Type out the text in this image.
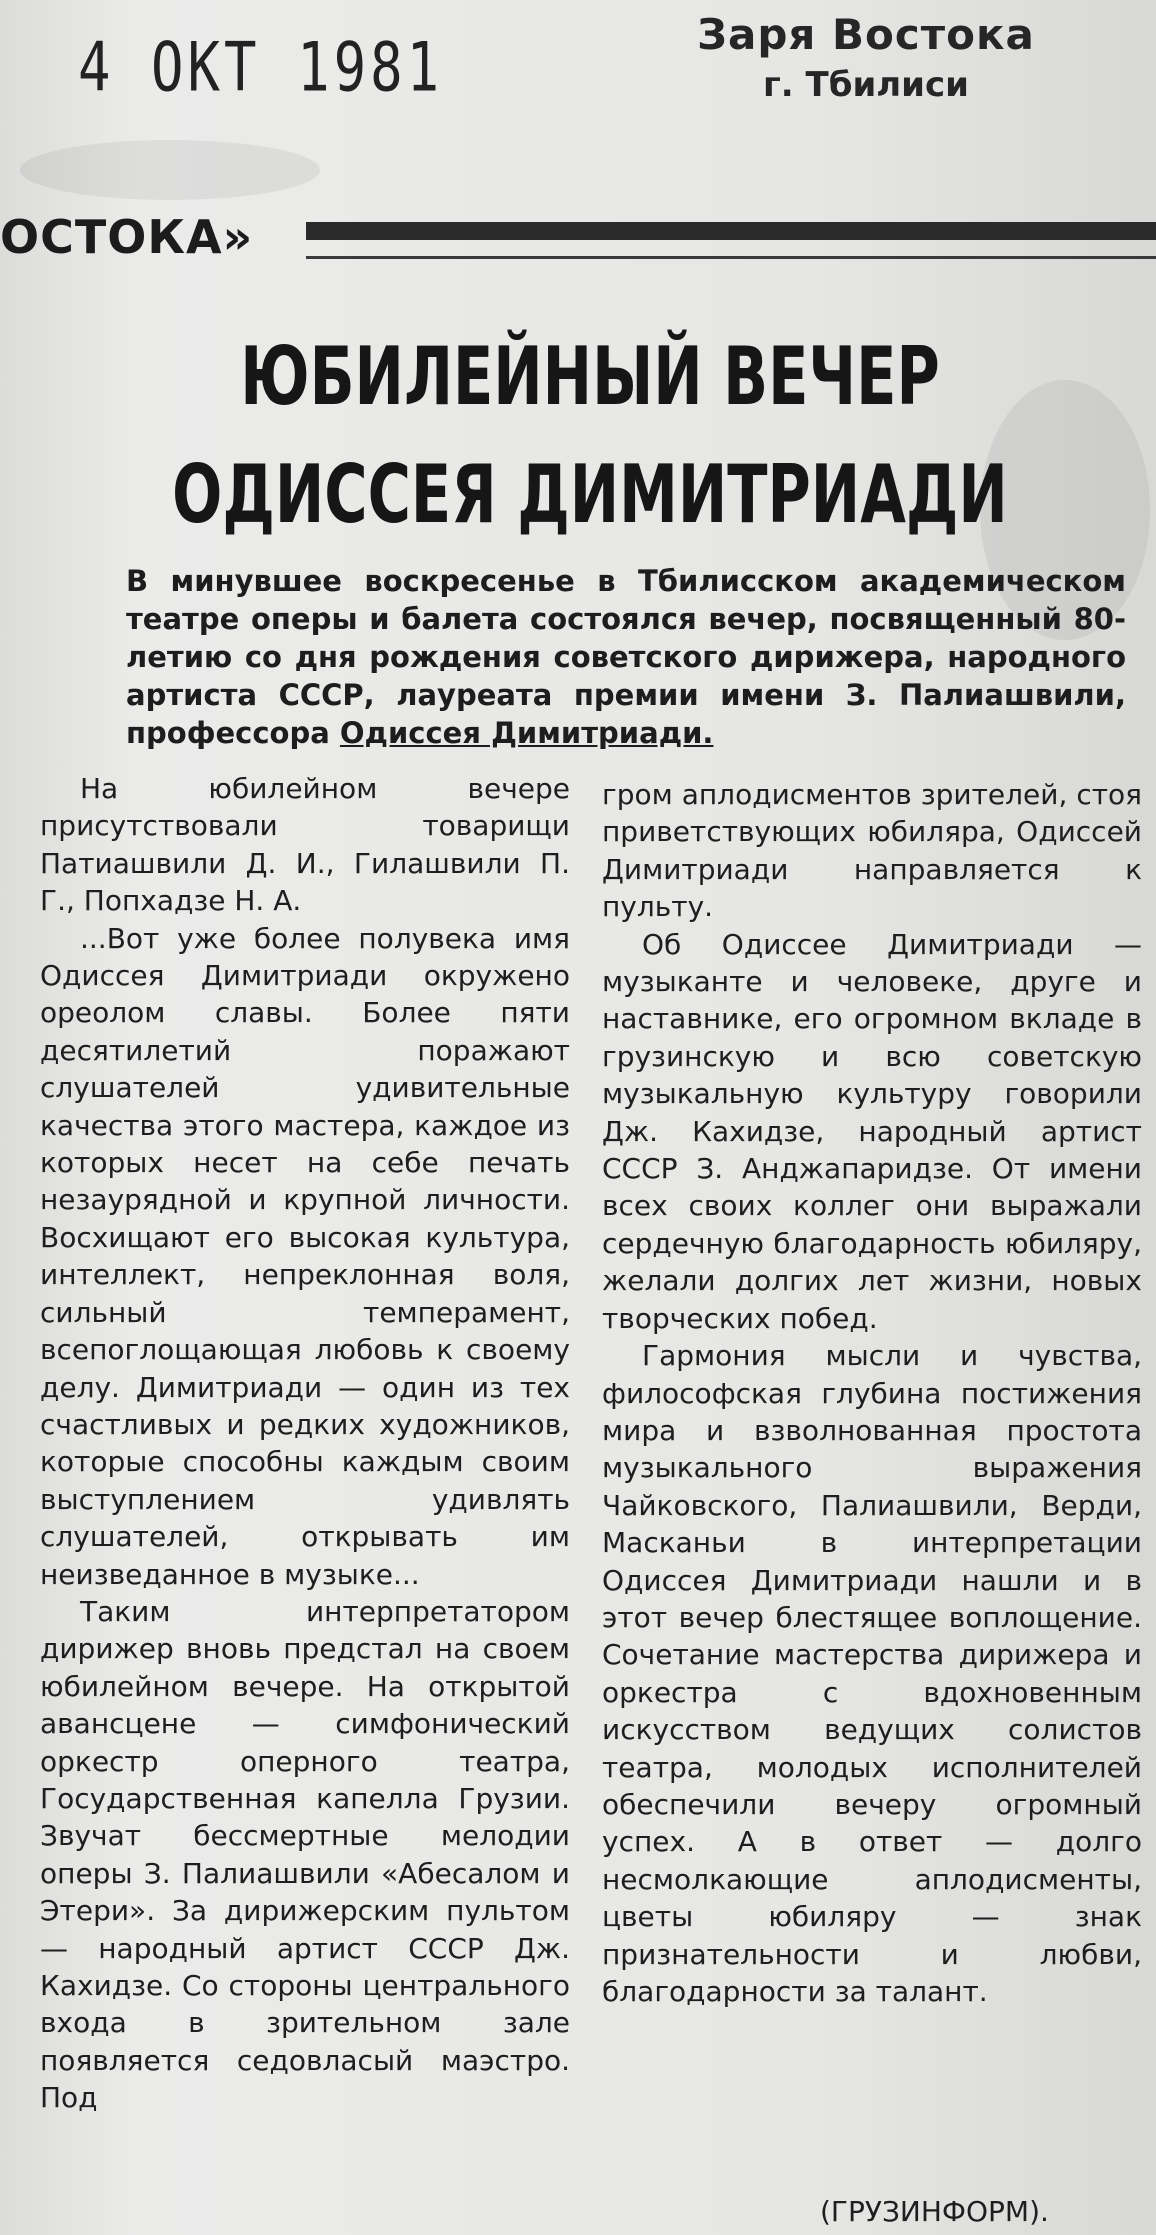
4 ОКТ 1981	Заря Востока
г. Тбилиси
ОСТОКА»
ЮБИЛЕЙНЫЙ ВЕЧЕР
ОДИССЕЯ ДИМИТРИАДИ
В минувшее воскресенье в Тбилисском академическом театре оперы и балета состоялся вечер, посвященный 80-летию со дня рождения советского дирижера, народного артиста СССР, лауреата премии имени З. Палиашвили, профессора Одиссея Димитриади.

На юбилейном вечере присутствовали товарищи Патиашвили Д. И., Гилашвили П. Г., Попхадзе Н. А.

...Вот уже более полувека имя Одиссея Димитриади окружено ореолом славы. Более пяти десятилетий поражают слушателей удивительные качества этого мастера, каждое из которых несет на себе печать незаурядной и крупной личности. Восхищают его высокая культура, интеллект, непреклонная воля, сильный темперамент, всепоглощающая любовь к своему делу. Димитриади — один из тех счастливых и редких художников, которые способны каждым своим выступлением удивлять слушателей, открывать им неизведанное в музыке...

Таким интерпретатором дирижер вновь предстал на своем юбилейном вечере. На открытой авансцене — симфонический оркестр оперного театра, Государственная капелла Грузии. Звучат бессмертные мелодии оперы З. Палиашвили «Абесалом и Этери». За дирижерским пультом — народный артист СССР Дж. Кахидзе. Со стороны центрального входа в зрительном зале появляется седовласый маэстро. Под

гром аплодисментов зрителей, стоя приветствующих юбиляра, Одиссей Димитриади направляется к пульту.

Об Одиссее Димитриади — музыканте и человеке, друге и наставнике, его огромном вкладе в грузинскую и всю советскую музыкальную культуру говорили Дж. Кахидзе, народный артист СССР З. Анджапаридзе. От имени всех своих коллег они выражали сердечную благодарность юбиляру, желали долгих лет жизни, новых творческих побед.

Гармония мысли и чувства, философская глубина постижения мира и взволнованная простота музыкального выражения Чайковского, Палиашвили, Верди, Масканьи в интерпретации Одиссея Димитриади нашли и в этот вечер блестящее воплощение. Сочетание мастерства дирижера и оркестра с вдохновенным искусством ведущих солистов театра, молодых исполнителей обеспечили вечеру огромный успех. А в ответ — долго несмолкающие аплодисменты, цветы юбиляру — знак признательности и любви, благодарности за талант.

(ГРУЗИНФОРМ).
